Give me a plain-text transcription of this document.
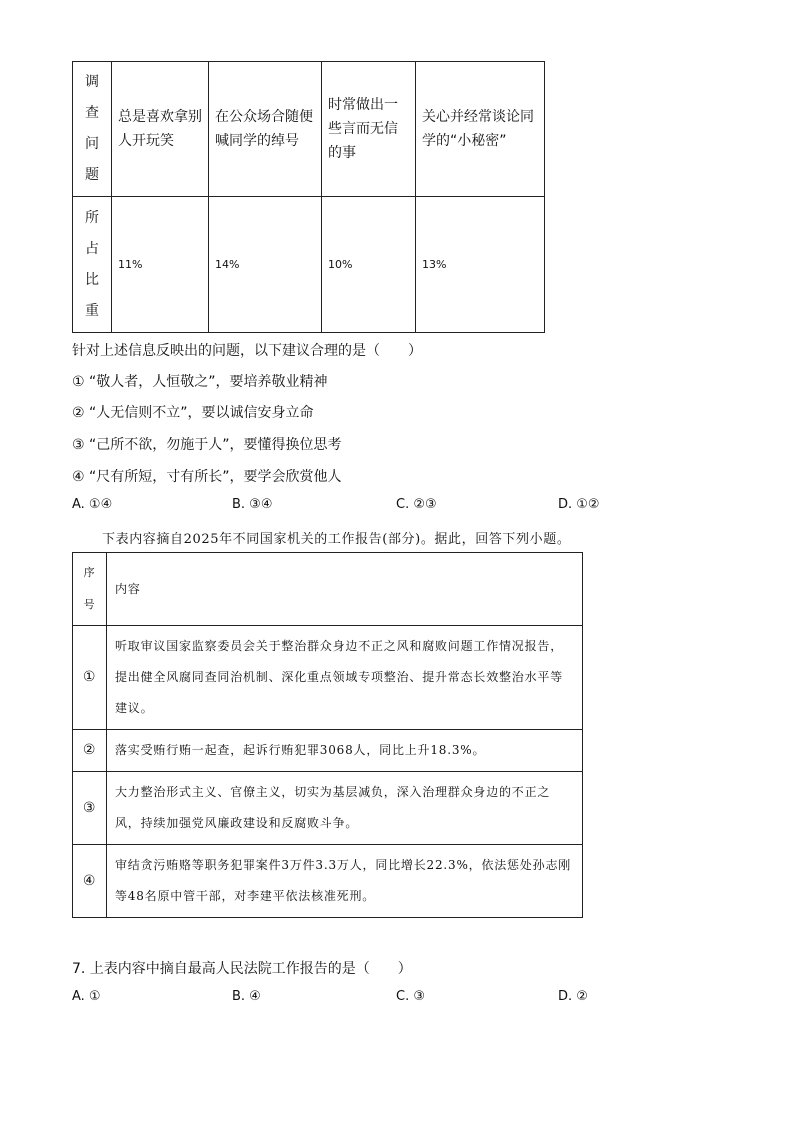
调
查
问
题	总是喜欢拿别人开玩笑	在公众场合随便喊同学的绰号	时常做出一些言而无信的事	关心并经常谈论同学的“小秘密”

所
占
比
重	11%	14%	10%	13%
针对上述信息反映出的问题，以下建议合理的是（　　）
① “敬人者，人恒敬之”，要培养敬业精神
② “人无信则不立”，要以诚信安身立命
③ “己所不欲，勿施于人”，要懂得换位思考
④ “尺有所短，寸有所长”，要学会欣赏他人
A. ①④	B. ③④	C. ②③	D. ①②
下表内容摘自2025年不同国家机关的工作报告(部分)。据此，回答下列小题。
序
号	内容
①	听取审议国家监察委员会关于整治群众身边不正之风和腐败问题工作情况报告，提出健全风腐同查同治机制、深化重点领域专项整治、提升常态长效整治水平等建议。
②	落实受贿行贿一起查，起诉行贿犯罪3068人，同比上升18.3%。
③	大力整治形式主义、官僚主义，切实为基层减负，深入治理群众身边的不正之风，持续加强党风廉政建设和反腐败斗争。
④	审结贪污贿赂等职务犯罪案件3万件3.3万人，同比增长22.3%，依法惩处孙志刚等48名原中管干部，对李建平依法核准死刑。
7. 上表内容中摘自最高人民法院工作报告的是（　　）
A. ①	B. ④	C. ③	D. ②
